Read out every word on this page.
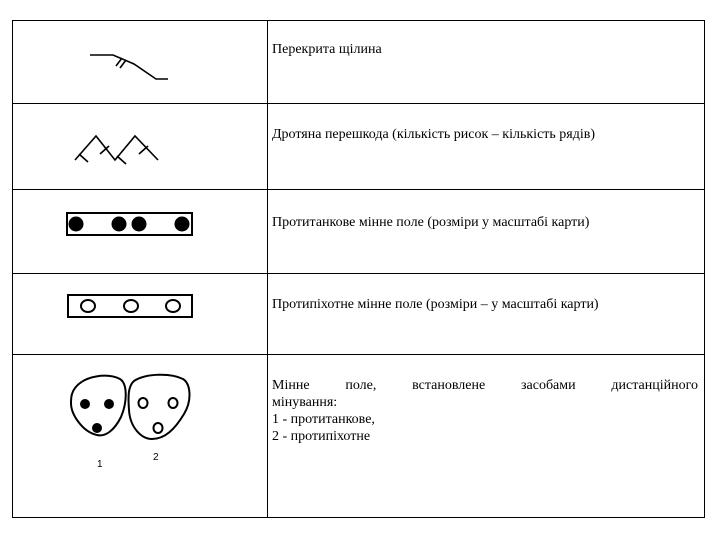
Перекрита щілина

Дротяна перешкода (кількість рисок – кількість рядів)

Протитанкове мінне поле (розміри у масштабі карти)

Протипіхотне мінне поле (розміри – у масштабі карти)

1
2	Мінне поле, встановлене засобами дистанційного
мінування:
1 - протитанкове,
2 - протипіхотне
